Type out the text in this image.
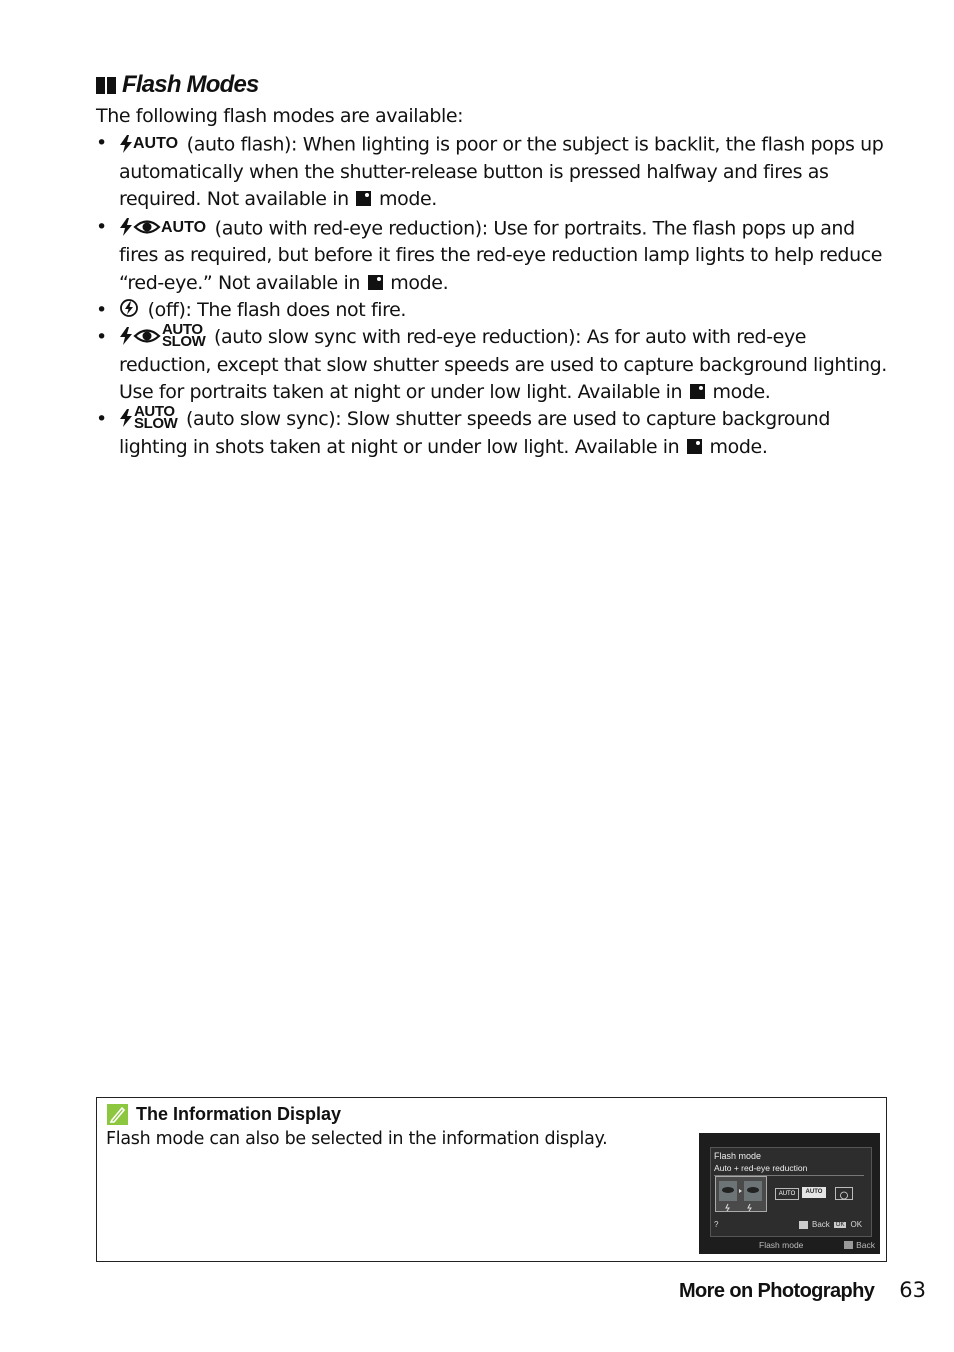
Flash Modes
The following flash modes are available:
• AUTO (auto flash): When lighting is poor or the subject is backlit, the flash pops up automatically when the shutter-release button is pressed halfway and fires as required. Not available in  mode.
• AUTO (auto with red-eye reduction): Use for portraits. The flash pops up and fires as required, but before it fires the red-eye reduction lamp lights to help reduce “red-eye.” Not available in  mode.
• (off): The flash does not fire.
• AUTO
SLOW (auto slow sync with red-eye reduction): As for auto with red-eye reduction, except that slow shutter speeds are used to capture background lighting. Use for portraits taken at night or under low light. Available in  mode.
• AUTO
SLOW (auto slow sync): Slow shutter speeds are used to capture background lighting in shots taken at night or under low light. Available in  mode.
The Information Display
Flash mode can also be selected in the information display.
Flash mode
Auto + red-eye reduction
AUTO	AUTO
?	Back	OK OK
Flash mode	Back
More on Photography 63
